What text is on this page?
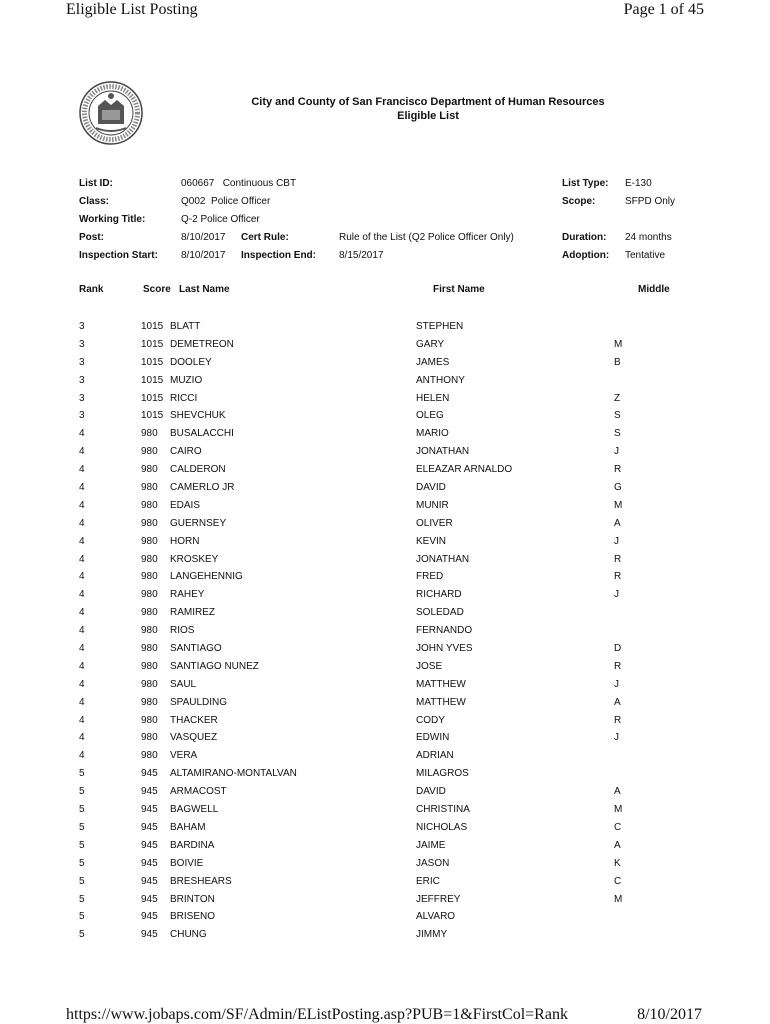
Eligible List Posting	Page 1 of 45
https://www.jobaps.com/SF/Admin/EListPosting.asp?PUB=1&FirstCol=Rank	8/10/2017
City and County of San Francisco Department of Human Resources
Eligible List
List ID:	060667   Continuous CBT
Class:	Q002  Police Officer
Working Title:	Q-2 Police Officer
Post:	8/10/2017 Cert Rule:	Rule of the List (Q2 Police Officer Only)
Inspection Start: 8/10/2017 Inspection End: 8/15/2017
List Type: E-130
Scope:	SFPD Only
Duration: 24 months
Adoption: Tentative
Rank	Score Last Name	First Name	Middle
3	1015 BLATT	STEPHEN
3	1015 DEMETREON	GARY	M
3	1015 DOOLEY	JAMES	B
3	1015 MUZIO	ANTHONY
3	1015 RICCI	HELEN	Z
3	1015 SHEVCHUK	OLEG	S
4	980 BUSALACCHI	MARIO	S
4	980 CAIRO	JONATHAN	J
4	980 CALDERON	ELEAZAR ARNALDO	R
4	980 CAMERLO JR	DAVID	G
4	980 EDAIS	MUNIR	M
4	980 GUERNSEY	OLIVER	A
4	980 HORN	KEVIN	J
4	980 KROSKEY	JONATHAN	R
4	980 LANGEHENNIG	FRED	R
4	980 RAHEY	RICHARD	J
4	980 RAMIREZ	SOLEDAD
4	980 RIOS	FERNANDO
4	980 SANTIAGO	JOHN YVES	D
4	980 SANTIAGO NUNEZ	JOSE	R
4	980 SAUL	MATTHEW	J
4	980 SPAULDING	MATTHEW	A
4	980 THACKER	CODY	R
4	980 VASQUEZ	EDWIN	J
4	980 VERA	ADRIAN
5	945 ALTAMIRANO-MONTALVAN	MILAGROS
5	945 ARMACOST	DAVID	A
5	945 BAGWELL	CHRISTINA	M
5	945 BAHAM	NICHOLAS	C
5	945 BARDINA	JAIME	A
5	945 BOIVIE	JASON	K
5	945 BRESHEARS	ERIC	C
5	945 BRINTON	JEFFREY	M
5	945 BRISENO	ALVARO
5	945 CHUNG	JIMMY
